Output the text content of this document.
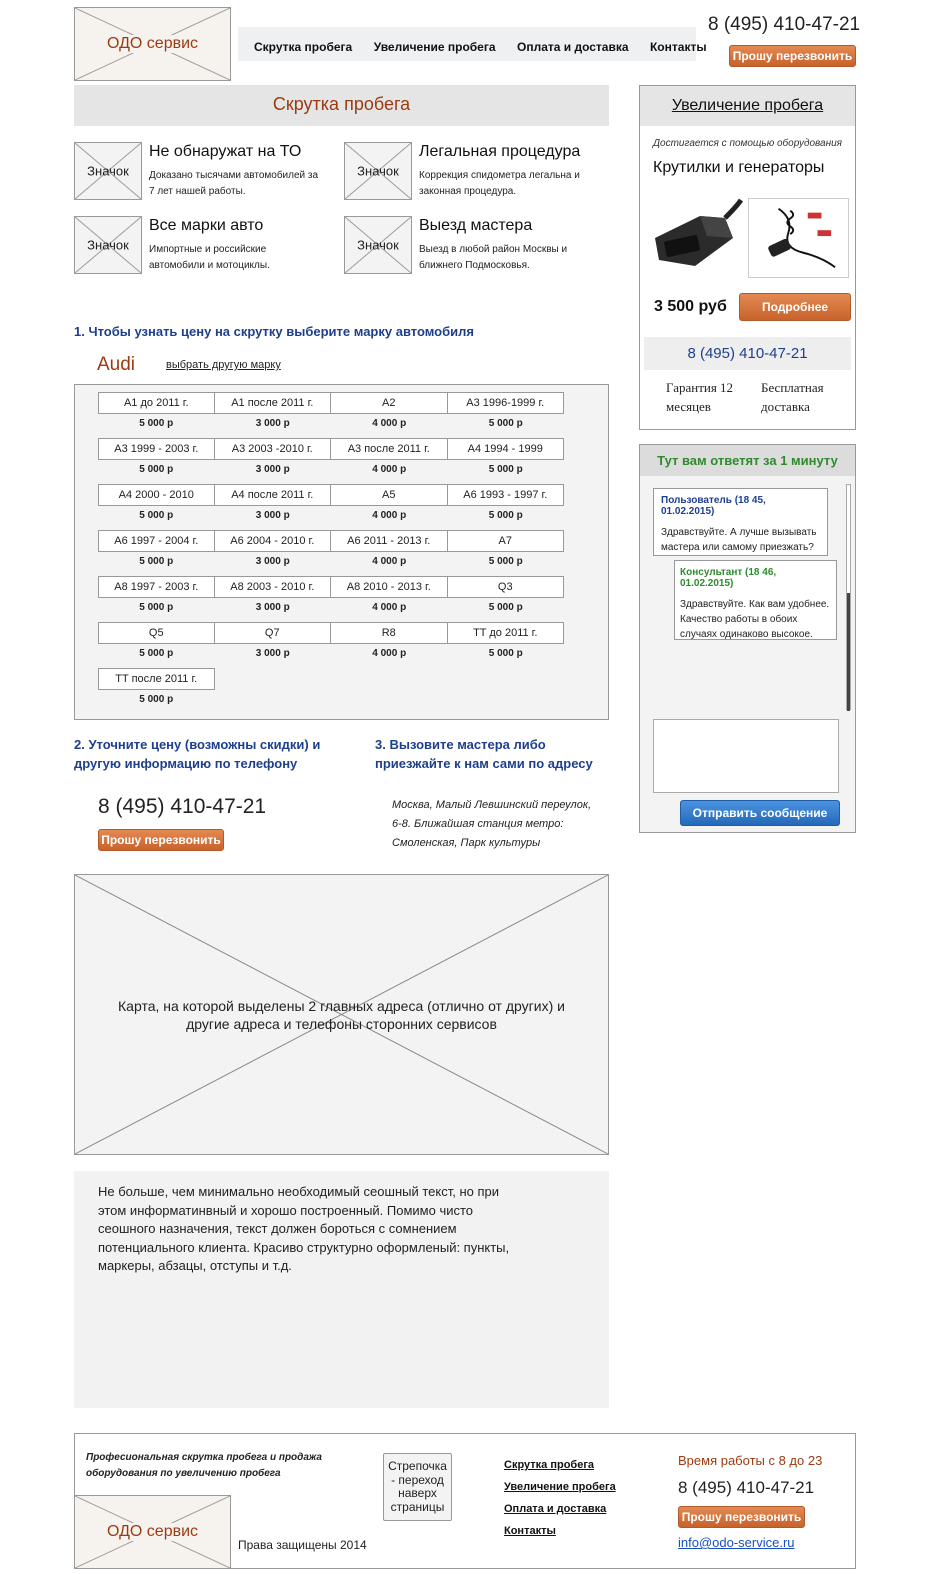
ОДО сервис	Скрутка пробега Увеличение пробега Оплата и доставка Контакты
8 (495) 410-47-21
Прошу перезвонить
Скрутка пробега
Значок
Не обнаружат на ТО
Доказано тысячами автомобилей за 7 лет нашей работы.
Значок
Легальная процедура
Коррекция спидометра легальна и законная процедура.
Значок
Все марки авто
Импортные и российские автомобили и мотоциклы.
Значок
Выезд мастера
Выезд в любой район Москвы и ближнего Подмосковья.
1. Чтобы узнать цену на скрутку выберите марку автомобиля
Audi	выбрать другую марку
A1 до 2011 г.
5 000 р
A1 после 2011 г.
3 000 р
A2
4 000 р
A3 1996-1999 г.
5 000 р
A3 1999 - 2003 г.
5 000 р
A3 2003 -2010 г.
3 000 р
A3 после 2011 г.
4 000 р
A4 1994 - 1999
5 000 р
A4 2000 - 2010
5 000 р
A4 после 2011 г.
3 000 р
A5
4 000 р
A6 1993 - 1997 г.
5 000 р
A6 1997 - 2004 г.
5 000 р
A6 2004 - 2010 г.
3 000 р
A6 2011 - 2013 г.
4 000 р
A7
5 000 р
A8 1997 - 2003 г.
5 000 р
A8 2003 - 2010 г.
3 000 р
A8 2010 - 2013 г.
4 000 р
Q3
5 000 р
Q5
5 000 р
Q7
3 000 р
R8
4 000 р
TT до 2011 г.
5 000 р
TT после 2011 г.
5 000 р
2. Уточните цену (возможны скидки) и другую информацию по телефону
3. Вызовите мастера либо приезжайте к нам сами по адресу
8 (495) 410-47-21
Прошу перезвонить
Москва, Малый Левшинский переулок, 6-8. Ближайшая станция метро: Смоленская, Парк культуры
Карта, на которой выделены 2 главных адреса (отлично от других) и другие адреса и телефоны сторонних сервисов
Не больше, чем минимально необходимый сеошный текст, но при этом информатинвный и хорошо построенный. Помимо чисто сеошного назначения, текст должен бороться с сомнением потенциального клиента. Красиво структурно оформленый: пункты, маркеры, абзацы, отступы и т.д.
Увеличение пробега
Достигается с помощью оборудования
Крутилки и генераторы
3 500 руб	Подробнее
8 (495) 410-47-21
Гарантия 12 месяцев
Бесплатная доставка
Тут вам ответят за 1 минуту
Пользователь (18 45, 01.02.2015)
Здравствуйте. А лучше вызывать мастера или самому приезжать?
Консультант (18 46, 01.02.2015)
Здравствуйте. Как вам удобнее. Качество работы в обоих случаях одинаково высокое.
Отправить сообщение
Професиональная скрутка пробега и продажа оборудования по увеличению пробега
ОДО сервис
Права защищены 2014
Стрепочка - переход наверх страницы
Скрутка пробега
Увеличение пробега
Оплата и доставка
Контакты
Время работы с 8 до 23
8 (495) 410-47-21
Прошу перезвонить
info@odo-service.ru
